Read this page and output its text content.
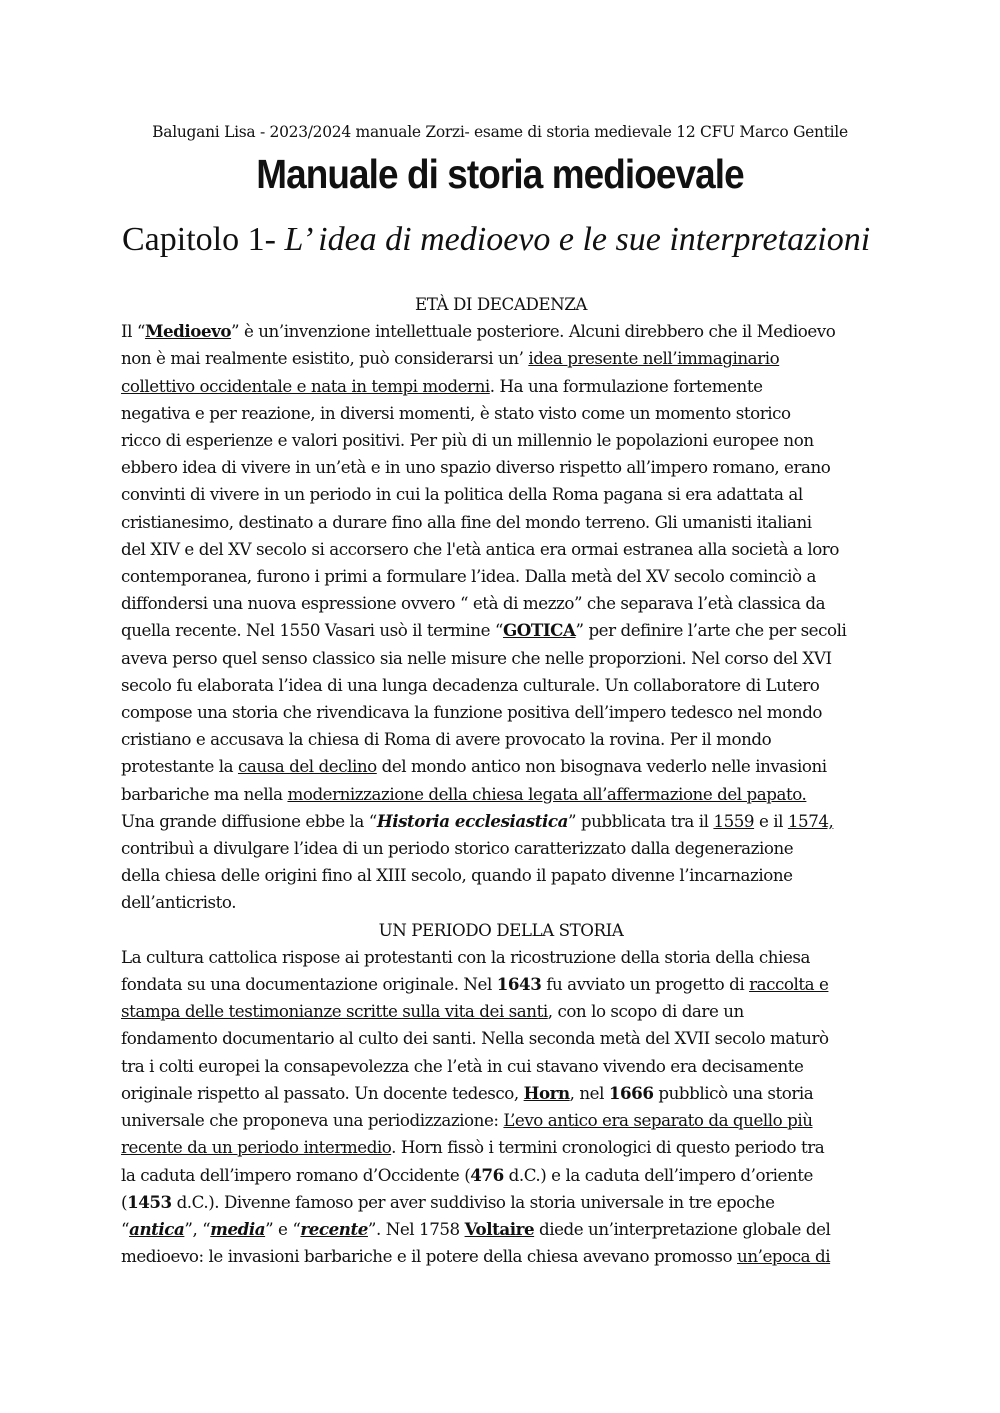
Balugani Lisa - 2023/2024 manuale Zorzi- esame di storia medievale 12 CFU Marco Gentile
Manuale di storia medioevale
Capitolo 1- L’ idea di medioevo e le sue interpretazioni
ETÀ DI DECADENZA
Il “Medioevo” è un’invenzione intellettuale posteriore. Alcuni direbbero che il Medioevo
non è mai realmente esistito, può considerarsi un’ idea presente nell’immaginario
collettivo occidentale e nata in tempi moderni. Ha una formulazione fortemente
negativa e per reazione, in diversi momenti, è stato visto come un momento storico
ricco di esperienze e valori positivi. Per più di un millennio le popolazioni europee non
ebbero idea di vivere in un’età e in uno spazio diverso rispetto all’impero romano, erano
convinti di vivere in un periodo in cui la politica della Roma pagana si era adattata al
cristianesimo, destinato a durare fino alla fine del mondo terreno. Gli umanisti italiani
del XIV e del XV secolo si accorsero che l'età antica era ormai estranea alla società a loro
contemporanea, furono i primi a formulare l’idea. Dalla metà del XV secolo cominciò a
diffondersi una nuova espressione ovvero “ età di mezzo” che separava l’età classica da
quella recente. Nel 1550 Vasari usò il termine “GOTICA” per definire l’arte che per secoli
aveva perso quel senso classico sia nelle misure che nelle proporzioni. Nel corso del XVI
secolo fu elaborata l’idea di una lunga decadenza culturale. Un collaboratore di Lutero
compose una storia che rivendicava la funzione positiva dell’impero tedesco nel mondo
cristiano e accusava la chiesa di Roma di avere provocato la rovina. Per il mondo
protestante la causa del declino del mondo antico non bisognava vederlo nelle invasioni
barbariche ma nella modernizzazione della chiesa legata all’affermazione del papato.
Una grande diffusione ebbe la “Historia ecclesiastica” pubblicata tra il 1559 e il 1574,
contribuì a divulgare l’idea di un periodo storico caratterizzato dalla degenerazione
della chiesa delle origini fino al XIII secolo, quando il papato divenne l’incarnazione
dell’anticristo.
UN PERIODO DELLA STORIA
La cultura cattolica rispose ai protestanti con la ricostruzione della storia della chiesa
fondata su una documentazione originale. Nel 1643 fu avviato un progetto di raccolta e
stampa delle testimonianze scritte sulla vita dei santi, con lo scopo di dare un
fondamento documentario al culto dei santi. Nella seconda metà del XVII secolo maturò
tra i colti europei la consapevolezza che l’età in cui stavano vivendo era decisamente
originale rispetto al passato. Un docente tedesco, Horn, nel 1666 pubblicò una storia
universale che proponeva una periodizzazione: L’evo antico era separato da quello più
recente da un periodo intermedio. Horn fissò i termini cronologici di questo periodo tra
la caduta dell’impero romano d’Occidente (476 d.C.) e la caduta dell’impero d’oriente
(1453 d.C.). Divenne famoso per aver suddiviso la storia universale in tre epoche
“antica”, “media” e “recente”. Nel 1758 Voltaire diede un’interpretazione globale del
medioevo: le invasioni barbariche e il potere della chiesa avevano promosso un’epoca di
